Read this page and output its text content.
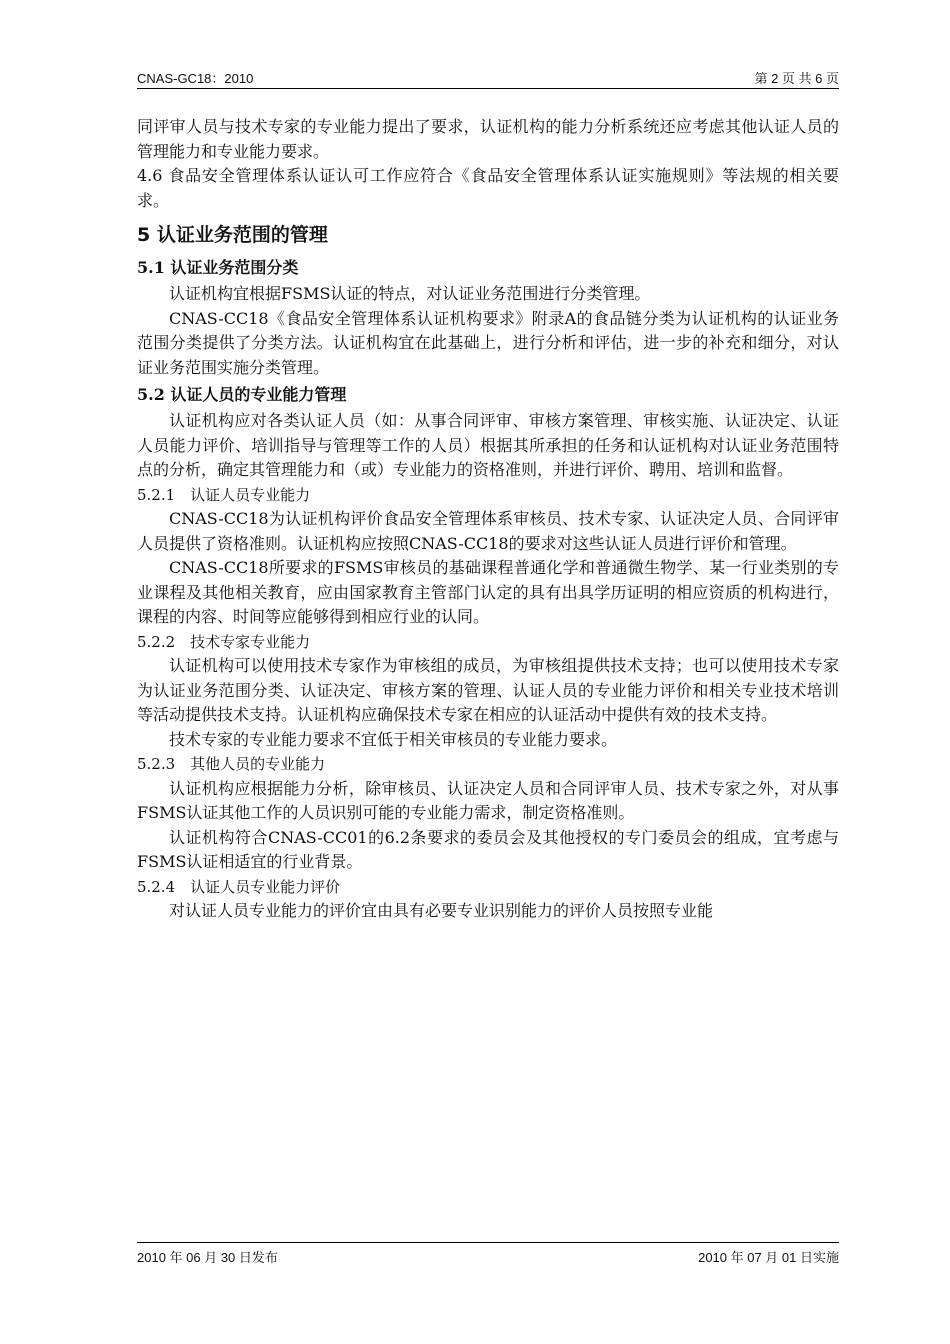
CNAS-GC18：2010	第 2 页 共 6 页

同评审人员与技术专家的专业能力提出了要求，认证机构的能力分析系统还应考虑其他认证人员的管理能力和专业能力要求。

4.6 食品安全管理体系认证认可工作应符合《食品安全管理体系认证实施规则》等法规的相关要求。

5 认证业务范围的管理
5.1 认证业务范围分类

认证机构宜根据FSMS认证的特点，对认证业务范围进行分类管理。

CNAS-CC18《食品安全管理体系认证机构要求》附录A的食品链分类为认证机构的认证业务范围分类提供了分类方法。认证机构宜在此基础上，进行分析和评估，进一步的补充和细分，对认证业务范围实施分类管理。

5.2 认证人员的专业能力管理

认证机构应对各类认证人员（如：从事合同评审、审核方案管理、审核实施、认证决定、认证人员能力评价、培训指导与管理等工作的人员）根据其所承担的任务和认证机构对认证业务范围特点的分析，确定其管理能力和（或）专业能力的资格准则，并进行评价、聘用、培训和监督。

5.2.1　认证人员专业能力

CNAS-CC18为认证机构评价食品安全管理体系审核员、技术专家、认证决定人员、合同评审人员提供了资格准则。认证机构应按照CNAS-CC18的要求对这些认证人员进行评价和管理。

CNAS-CC18所要求的FSMS审核员的基础课程普通化学和普通微生物学、某一行业类别的专业课程及其他相关教育，应由国家教育主管部门认定的具有出具学历证明的相应资质的机构进行，课程的内容、时间等应能够得到相应行业的认同。

5.2.2　技术专家专业能力

认证机构可以使用技术专家作为审核组的成员，为审核组提供技术支持；也可以使用技术专家为认证业务范围分类、认证决定、审核方案的管理、认证人员的专业能力评价和相关专业技术培训等活动提供技术支持。认证机构应确保技术专家在相应的认证活动中提供有效的技术支持。

技术专家的专业能力要求不宜低于相关审核员的专业能力要求。

5.2.3　其他人员的专业能力

认证机构应根据能力分析，除审核员、认证决定人员和合同评审人员、技术专家之外，对从事FSMS认证其他工作的人员识别可能的专业能力需求，制定资格准则。

认证机构符合CNAS-CC01的6.2条要求的委员会及其他授权的专门委员会的组成，宜考虑与FSMS认证相适宜的行业背景。

5.2.4　认证人员专业能力评价

对认证人员专业能力的评价宜由具有必要专业识别能力的评价人员按照专业能

2010 年 06 月 30 日发布	2010 年 07 月 01 日实施
